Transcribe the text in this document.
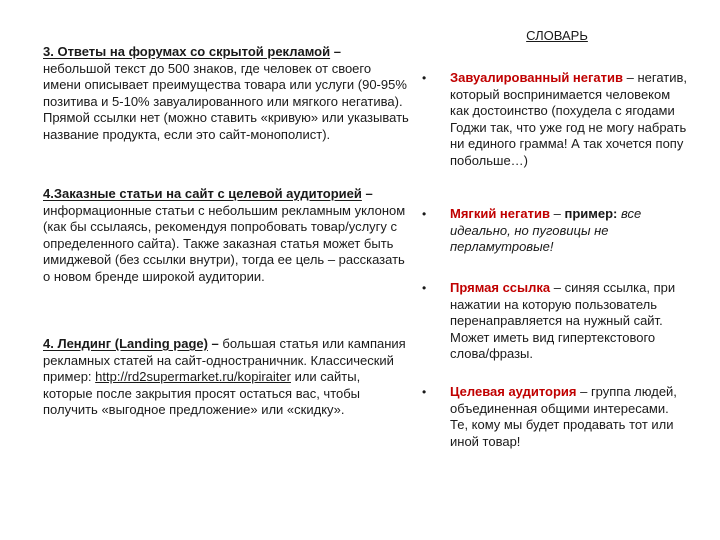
3. Ответы на форумах со скрытой рекламой – небольшой текст до 500 знаков, где человек от своего имени описывает преимущества товара или услуги (90-95% позитива и 5-10% завуалированного или мягкого негатива). Прямой ссылки нет (можно ставить «кривую» или указывать название продукта, если это сайт-монополист).

4.Заказные статьи на сайт с целевой аудиторией – информационные статьи с небольшим рекламным уклоном (как бы ссылаясь, рекомендуя попробовать товар/услугу с определенного сайта). Также заказная статья может быть имиджевой (без ссылки внутри), тогда ее цель – рассказать о новом бренде широкой аудитории.

4. Лендинг (Landing page) – большая статья или кампания рекламных статей на сайт-одностраничник. Классический пример: http://rd2supermarket.ru/kopiraiter или сайты, которые после закрытия просят остаться вас, чтобы получить «выгодное предложение» или «скидку».

СЛОВАРЬ
•	Завуалированный негатив – негатив, который воспринимается человеком как достоинство (похудела с ягодами Годжи так, что уже год не могу набрать ни единого грамма! А так хочется попу побольше…)
•	Мягкий негатив – пример: все идеально, но пуговицы не перламутровые!
•	Прямая ссылка – синяя ссылка, при нажатии на которую пользователь перенаправляется на нужный сайт. Может иметь вид гипертекстового слова/фразы.
•	Целевая аудитория – группа людей, объединенная общими интересами. Те, кому мы будет продавать тот или иной товар!
